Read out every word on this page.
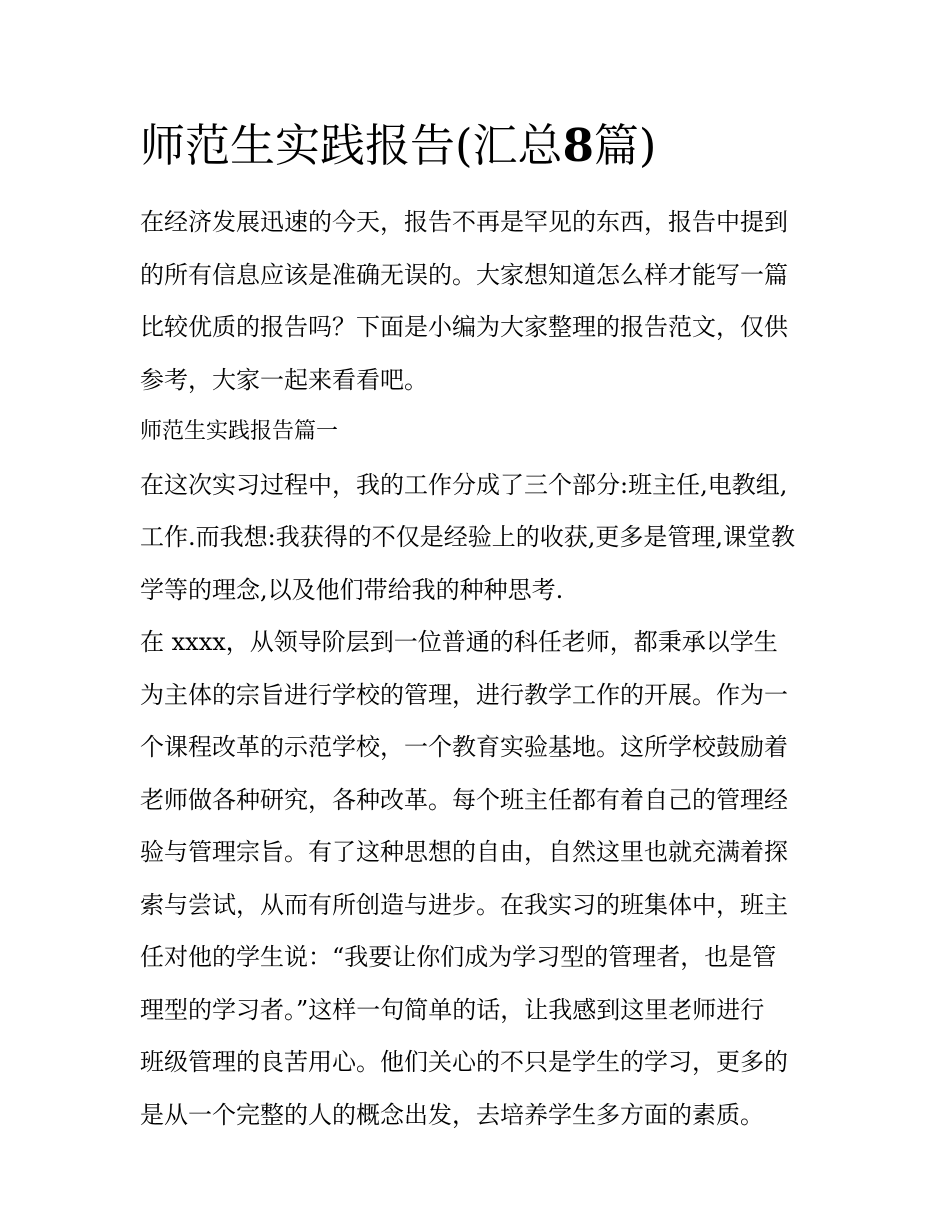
师范生实践报告(汇总8篇)
在经济发展迅速的今天，报告不再是罕见的东西，报告中提到
的所有信息应该是准确无误的。大家想知道怎么样才能写一篇
比较优质的报告吗？下面是小编为大家整理的报告范文，仅供
参考，大家一起来看看吧。
师范生实践报告篇一
在这次实习过程中，我的工作分成了三个部分:班主任,电教组,
工作.而我想:我获得的不仅是经验上的收获,更多是管理,课堂教
学等的理念,以及他们带给我的种种思考.
在 xxxx，从领导阶层到一位普通的科任老师，都秉承以学生
为主体的宗旨进行学校的管理，进行教学工作的开展。作为一
个课程改革的示范学校，一个教育实验基地。这所学校鼓励着
老师做各种研究，各种改革。每个班主任都有着自己的管理经
验与管理宗旨。有了这种思想的自由，自然这里也就充满着探
索与尝试，从而有所创造与进步。在我实习的班集体中，班主
任对他的学生说：“我要让你们成为学习型的管理者，也是管
理型的学习者。”这样一句简单的话，让我感到这里老师进行
班级管理的良苦用心。他们关心的不只是学生的学习，更多的
是从一个完整的人的概念出发，去培养学生多方面的素质。
